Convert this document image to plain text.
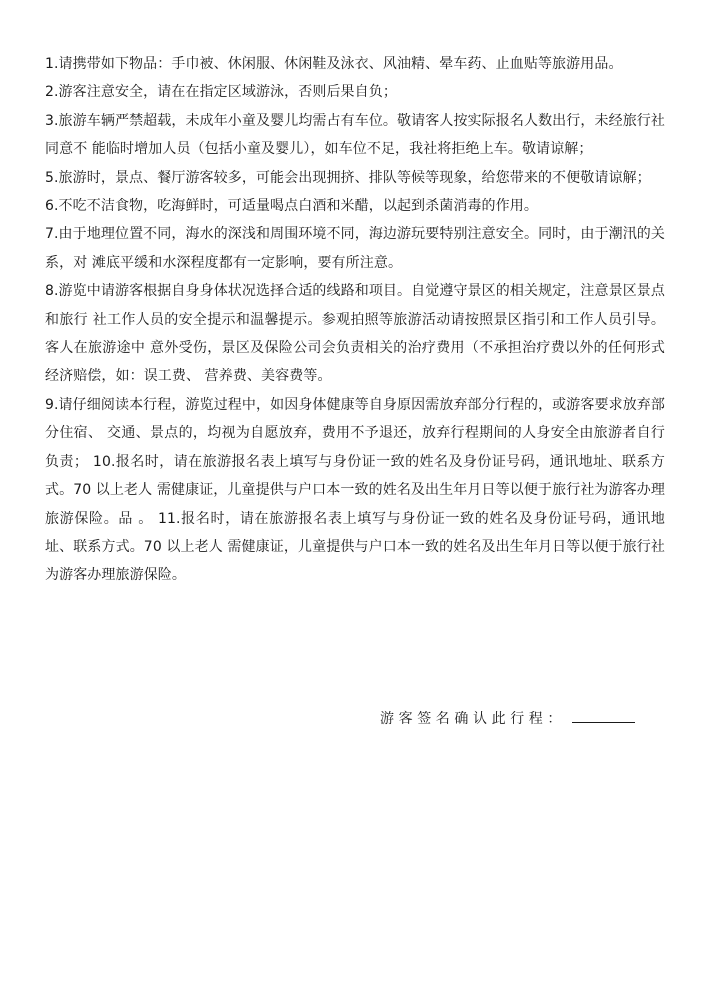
1.请携带如下物品：手巾被、休闲服、休闲鞋及泳衣、风油精、晕车药、止血贴等旅游用品。

2.游客注意安全，请在在指定区域游泳，否则后果自负；

3.旅游车辆严禁超载，未成年小童及婴儿均需占有车位。敬请客人按实际报名人数出行，未经旅行社同意不 能临时增加人员（包括小童及婴儿），如车位不足，我社将拒绝上车。敬请谅解；

5.旅游时，景点、餐厅游客较多，可能会出现拥挤、排队等候等现象，给您带来的不便敬请谅解；

6.不吃不洁食物，吃海鲜时，可适量喝点白酒和米醋，以起到杀菌消毒的作用。

7.由于地理位置不同，海水的深浅和周围环境不同，海边游玩要特别注意安全。同时，由于潮汛的关系，对 滩底平缓和水深程度都有一定影响，要有所注意。

8.游览中请游客根据自身身体状况选择合适的线路和项目。自觉遵守景区的相关规定，注意景区景点和旅行 社工作人员的安全提示和温馨提示。参观拍照等旅游活动请按照景区指引和工作人员引导。客人在旅游途中 意外受伤，景区及保险公司会负责相关的治疗费用（不承担治疗费以外的任何形式经济赔偿，如：误工费、 营养费、美容费等。

9.请仔细阅读本行程，游览过程中，如因身体健康等自身原因需放弃部分行程的，或游客要求放弃部分住宿、 交通、景点的，均视为自愿放弃，费用不予退还，放弃行程期间的人身安全由旅游者自行负责； 10.报名时，请在旅游报名表上填写与身份证一致的姓名及身份证号码，通讯地址、联系方式。70 以上老人 需健康证，儿童提供与户口本一致的姓名及出生年月日等以便于旅行社为游客办理旅游保险。品 。 11.报名时，请在旅游报名表上填写与身份证一致的姓名及身份证号码，通讯地址、联系方式。70 以上老人 需健康证，儿童提供与户口本一致的姓名及出生年月日等以便于旅行社为游客办理旅游保险。

游客签名确认此行程：
